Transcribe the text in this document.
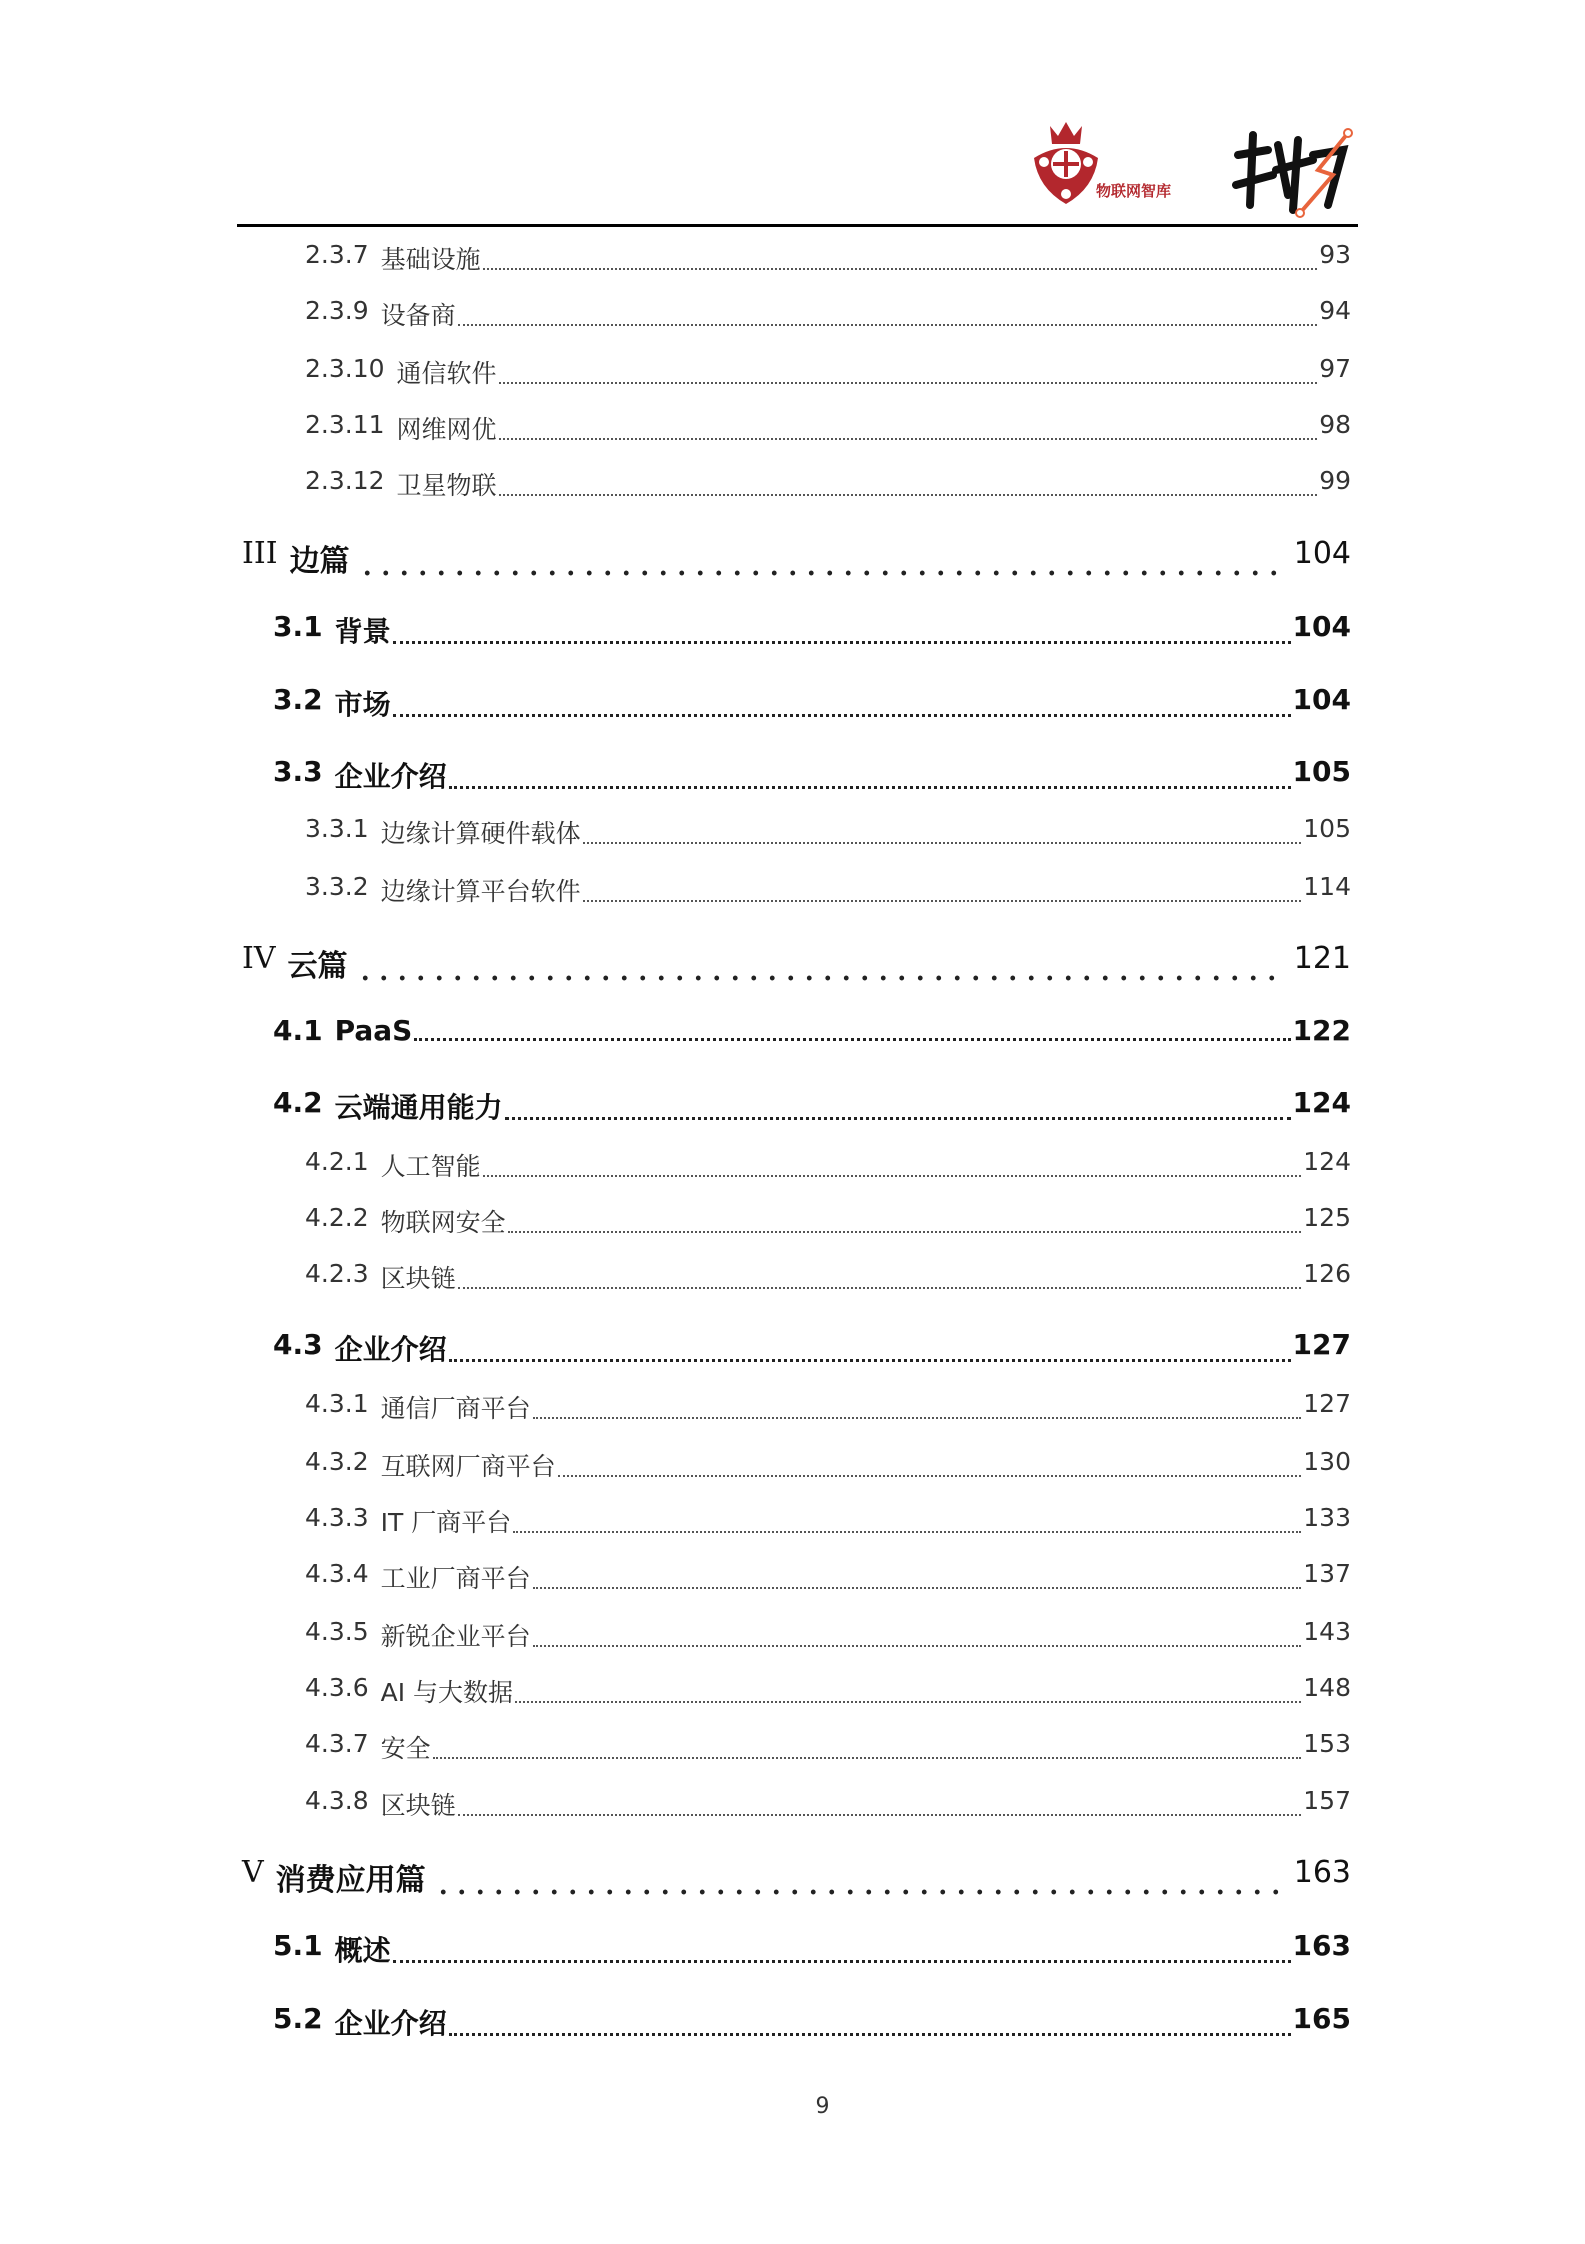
物联网智库
2.3.7 基础设施	93
2.3.9 设备商	94
2.3.10 通信软件	97
2.3.11 网维网优	98
2.3.12 卫星物联	99
III 边篇	104
3.1 背景	104
3.2 市场	104
3.3 企业介绍	105
3.3.1 边缘计算硬件载体	105
3.3.2 边缘计算平台软件	114
IV 云篇	121
4.1 PaaS	122
4.2 云端通用能力	124
4.2.1 人工智能	124
4.2.2 物联网安全	125
4.2.3 区块链	126
4.3 企业介绍	127
4.3.1 通信厂商平台	127
4.3.2 互联网厂商平台	130
4.3.3 IT 厂商平台	133
4.3.4 工业厂商平台	137
4.3.5 新锐企业平台	143
4.3.6 AI 与大数据	148
4.3.7 安全	153
4.3.8 区块链	157
V 消费应用篇	163
5.1 概述	163
5.2 企业介绍	165
9
